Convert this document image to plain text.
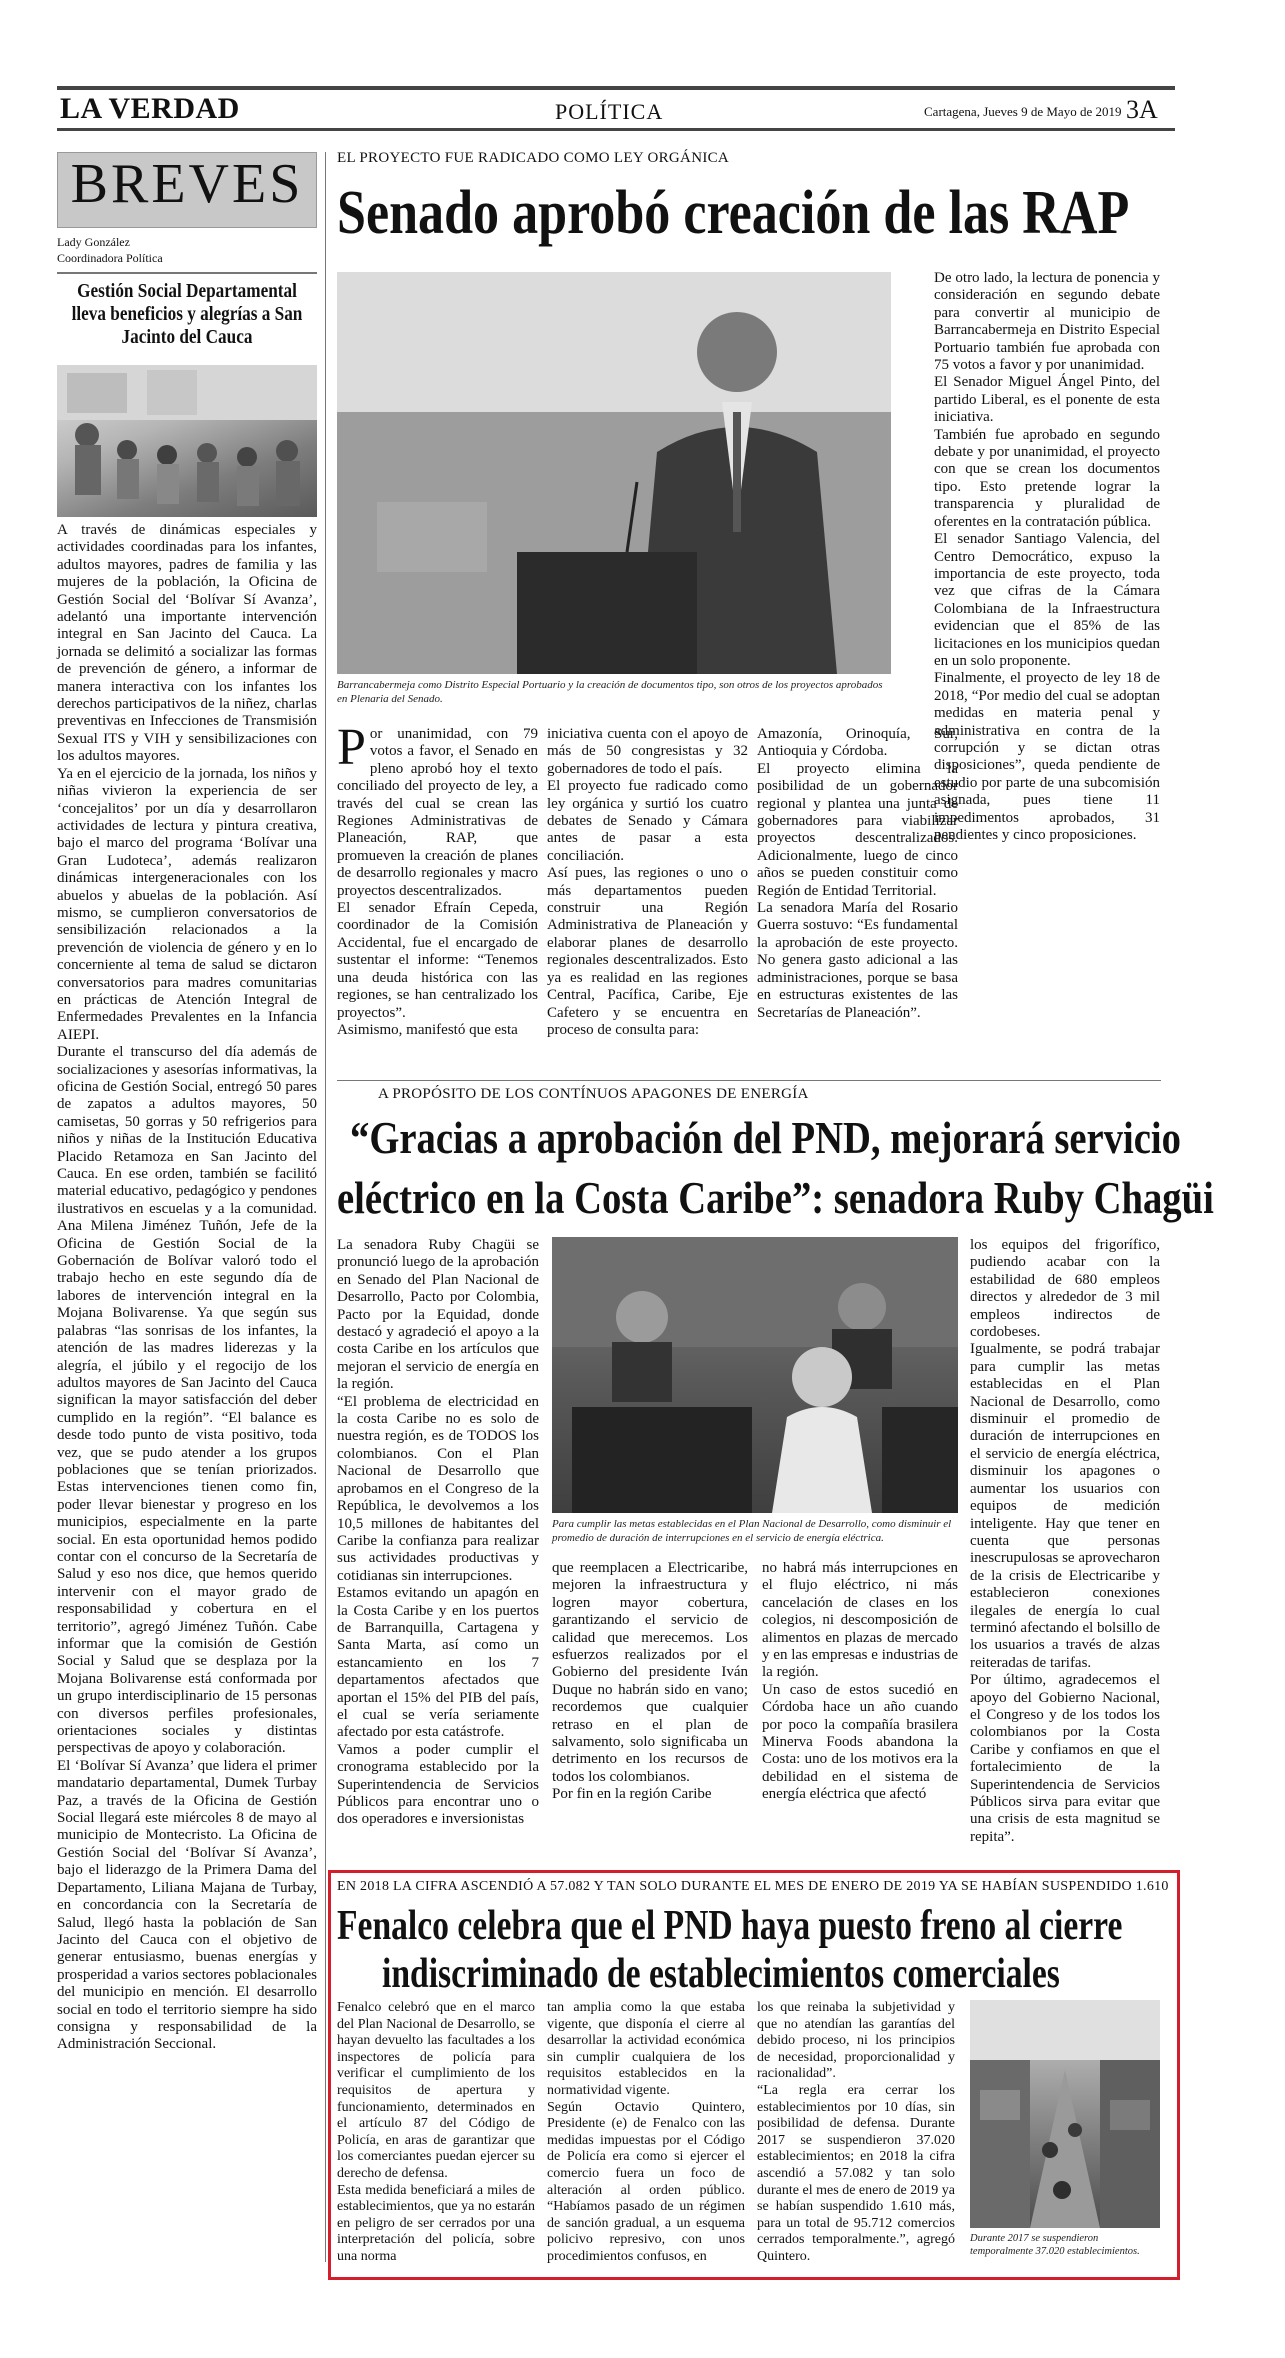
LA VERDAD	POLÍTICA	Cartagena, Jueves 9 de Mayo de 2019 3A
BREVES
Lady González
Coordinadora Política
Gestión Social Departamental lleva beneficios y alegrías a San Jacinto del Cauca

A través de dinámicas especiales y actividades coordinadas para los infantes, adultos mayores, padres de familia y las mujeres de la población, la Oficina de Gestión Social del ‘Bolívar Sí Avanza’, adelantó una importante intervención integral en San Jacinto del Cauca. La jornada se delimitó a socializar las formas de prevención de género, a informar de manera interactiva con los infantes los derechos participativos de la niñez, charlas preventivas en Infecciones de Transmisión Sexual ITS y VIH y sensibilizaciones con los adultos mayores.
Ya en el ejercicio de la jornada, los niños y niñas vivieron la experiencia de ser ‘concejalitos’ por un día y desarrollaron actividades de lectura y pintura creativa, bajo el marco del programa ‘Bolívar una Gran Ludoteca’, además realizaron dinámicas intergeneracionales con los abuelos y abuelas de la población. Así mismo, se cumplieron conversatorios de sensibilización relacionados a la prevención de violencia de género y en lo concerniente al tema de salud se dictaron conversatorios para madres comunitarias en prácticas de Atención Integral de Enfermedades Prevalentes en la Infancia AIEPI.
Durante el transcurso del día además de socializaciones y asesorías informativas, la oficina de Gestión Social, entregó 50 pares de zapatos a adultos mayores, 50 camisetas, 50 gorras y 50 refrigerios para niños y niñas de la Institución Educativa Placido Retamoza en San Jacinto del Cauca. En ese orden, también se facilitó material educativo, pedagógico y pendones ilustrativos en escuelas y a la comunidad. Ana Milena Jiménez Tuñón, Jefe de la Oficina de Gestión Social de la Gobernación de Bolívar valoró todo el trabajo hecho en este segundo día de labores de intervención integral en la Mojana Bolivarense. Ya que según sus palabras “las sonrisas de los infantes, la atención de las madres liderezas y la alegría, el júbilo y el regocijo de los adultos mayores de San Jacinto del Cauca significan la mayor satisfacción del deber cumplido en la región”. “El balance es desde todo punto de vista positivo, toda vez, que se pudo atender a los grupos poblaciones que se tenían priorizados. Estas intervenciones tienen como fin, poder llevar bienestar y progreso en los municipios, especialmente en la parte social. En esta oportunidad hemos podido contar con el concurso de la Secretaría de Salud y eso nos dice, que hemos querido intervenir con el mayor grado de responsabilidad y cobertura en el territorio”, agregó Jiménez Tuñón. Cabe informar que la comisión de Gestión Social y Salud que se desplaza por la Mojana Bolivarense está conformada por un grupo interdisciplinario de 15 personas con diversos perfiles profesionales, orientaciones sociales y distintas perspectivas de apoyo y colaboración.
El ‘Bolívar Sí Avanza’ que lidera el primer mandatario departamental, Dumek Turbay Paz, a través de la Oficina de Gestión Social llegará este miércoles 8 de mayo al municipio de Montecristo. La Oficina de Gestión Social del ‘Bolívar Sí Avanza’, bajo el liderazgo de la Primera Dama del Departamento, Liliana Majana de Turbay, en concordancia con la Secretaría de Salud, llegó hasta la población de San Jacinto del Cauca con el objetivo de generar entusiasmo, buenas energías y prosperidad a varios sectores poblacionales del municipio en mención. El desarrollo social en todo el territorio siempre ha sido consigna y responsabilidad de la Administración Seccional.

EL PROYECTO FUE RADICADO COMO LEY ORGÁNICA
Senado aprobó creación de las RAP
Barrancabermeja como Distrito Especial Portuario y la creación de documentos tipo, son otros de los proyectos aprobados en Plenaria del Senado.
P or unanimidad, con 79 votos a favor, el Senado en pleno aprobó hoy el texto conciliado del proyecto de ley, a través del cual se crean las Regiones Administrativas de Planeación, RAP, que promueven la creación de planes de desarrollo regionales y macro proyectos descentralizados.
El senador Efraín Cepeda, coordinador de la Comisión Accidental, fue el encargado de sustentar el informe: “Tenemos una deuda histórica con las regiones, se han centralizado los proyectos”.
Asimismo, manifestó que esta

iniciativa cuenta con el apoyo de más de 50 congresistas y 32 gobernadores de todo el país.
El proyecto fue radicado como ley orgánica y surtió los cuatro debates de Senado y Cámara antes de pasar a esta conciliación.
Así pues, las regiones o uno o más departamentos pueden construir una Región Administrativa de Planeación y elaborar planes de desarrollo regionales descentralizados. Esto ya es realidad en las regiones Central, Pacífica, Caribe, Eje Cafetero y se encuentra en proceso de consulta para:

Amazonía, Orinoquía, Sur, Antioquia y Córdoba.
El proyecto elimina la posibilidad de un gobernador regional y plantea una junta de gobernadores para viabilizar proyectos descentralizados. Adicionalmente, luego de cinco años se pueden constituir como Región de Entidad Territorial.
La senadora María del Rosario Guerra sostuvo: “Es fundamental la aprobación de este proyecto. No genera gasto adicional a las administraciones, porque se basa en estructuras existentes de las Secretarías de Planeación”.

De otro lado, la lectura de ponencia y consideración en segundo debate para convertir al municipio de Barrancabermeja en Distrito Especial Portuario también fue aprobada con 75 votos a favor y por unanimidad.
El Senador Miguel Ángel Pinto, del partido Liberal, es el ponente de esta iniciativa.
También fue aprobado en segundo debate y por unanimidad, el proyecto con que se crean los documentos tipo. Esto pretende lograr la transparencia y pluralidad de oferentes en la contratación pública.
El senador Santiago Valencia, del Centro Democrático, expuso la importancia de este proyecto, toda vez que cifras de la Cámara Colombiana de la Infraestructura evidencian que el 85% de las licitaciones en los municipios quedan en un solo proponente.
Finalmente, el proyecto de ley 18 de 2018, “Por medio del cual se adoptan medidas en materia penal y administrativa en contra de la corrupción y se dictan otras disposiciones”, queda pendiente de estudio por parte de una subcomisión asignada, pues tiene 11 impedimentos aprobados, 31 pendientes y cinco proposiciones.

A PROPÓSITO DE LOS CONTÍNUOS APAGONES DE ENERGÍA
“Gracias a aprobación del PND, mejorará servicio
eléctrico en la Costa Caribe”: senadora Ruby Chagüi

La senadora Ruby Chagüi se pronunció luego de la aprobación en Senado del Plan Nacional de Desarrollo, Pacto por Colombia, Pacto por la Equidad, donde destacó y agradeció el apoyo a la costa Caribe en los artículos que mejoran el servicio de energía en la región.
“El problema de electricidad en la costa Caribe no es solo de nuestra región, es de TODOS los colombianos. Con el Plan Nacional de Desarrollo que aprobamos en el Congreso de la República, le devolvemos a los 10,5 millones de habitantes del Caribe la confianza para realizar sus actividades productivas y cotidianas sin interrupciones.
Estamos evitando un apagón en la Costa Caribe y en los puertos de Barranquilla, Cartagena y Santa Marta, así como un estancamiento en los 7 departamentos afectados que aportan el 15% del PIB del país, el cual se vería seriamente afectado por esta catástrofe.
Vamos a poder cumplir el cronograma establecido por la Superintendencia de Servicios Públicos para encontrar uno o dos operadores e inversionistas

Para cumplir las metas establecidas en el Plan Nacional de Desarrollo, como disminuir el promedio de duración de interrupciones en el servicio de energía eléctrica.

que reemplacen a Electricaribe, mejoren la infraestructura y logren mayor cobertura, garantizando el servicio de calidad que merecemos. Los esfuerzos realizados por el Gobierno del presidente Iván Duque no habrán sido en vano; recordemos que cualquier retraso en el plan de salvamento, solo significaba un detrimento en los recursos de todos los colombianos.
Por fin en la región Caribe

no habrá más interrupciones en el flujo eléctrico, ni más cancelación de clases en los colegios, ni descomposición de alimentos en plazas de mercado y en las empresas e industrias de la región.
Un caso de estos sucedió en Córdoba hace un año cuando por poco la compañía brasilera Minerva Foods abandona la Costa: uno de los motivos era la debilidad en el sistema de energía eléctrica que afectó

los equipos del frigorífico, pudiendo acabar con la estabilidad de 680 empleos directos y alrededor de 3 mil empleos indirectos de cordobeses.
Igualmente, se podrá trabajar para cumplir las metas establecidas en el Plan Nacional de Desarrollo, como disminuir el promedio de duración de interrupciones en el servicio de energía eléctrica, disminuir los apagones o aumentar los usuarios con equipos de medición inteligente. Hay que tener en cuenta que personas inescrupulosas se aprovecharon de la crisis de Electricaribe y establecieron conexiones ilegales de energía lo cual terminó afectando el bolsillo de los usuarios a través de alzas reiteradas de tarifas.
Por último, agradecemos el apoyo del Gobierno Nacional, el Congreso y de los todos los colombianos por la Costa Caribe y confiamos en que el fortalecimiento de la Superintendencia de Servicios Públicos sirva para evitar que una crisis de esta magnitud se repita”.

EN 2018 LA CIFRA ASCENDIÓ A 57.082 Y TAN SOLO DURANTE EL MES DE ENERO DE 2019 YA SE HABÍAN SUSPENDIDO 1.610
Fenalco celebra que el PND haya puesto freno al cierre
indiscriminado de establecimientos comerciales

Fenalco celebró que en el marco del Plan Nacional de Desarrollo, se hayan devuelto las facultades a los inspectores de policía para verificar el cumplimiento de los requisitos de apertura y funcionamiento, determinados en el artículo 87 del Código de Policía, en aras de garantizar que los comerciantes puedan ejercer su derecho de defensa.
Esta medida beneficiará a miles de establecimientos, que ya no estarán en peligro de ser cerrados por una interpretación del policía, sobre una norma

tan amplia como la que estaba vigente, que disponía el cierre al desarrollar la actividad económica sin cumplir cualquiera de los requisitos establecidos en la normatividad vigente.
Según Octavio Quintero, Presidente (e) de Fenalco con las medidas impuestas por el Código de Policía era como si ejercer el comercio fuera un foco de alteración al orden público. “Habíamos pasado de un régimen de sanción gradual, a un esquema policivo represivo, con unos procedimientos confusos, en

los que reinaba la subjetividad y que no atendían las garantías del debido proceso, ni los principios de necesidad, proporcionalidad y racionalidad”.
“La regla era cerrar los establecimientos por 10 días, sin posibilidad de defensa. Durante 2017 se suspendieron 37.020 establecimientos; en 2018 la cifra ascendió a 57.082 y tan solo durante el mes de enero de 2019 ya se habían suspendido 1.610 más, para un total de 95.712 comercios cerrados temporalmente.”, agregó Quintero.

Durante 2017 se suspendieron temporalmente 37.020 establecimientos.
